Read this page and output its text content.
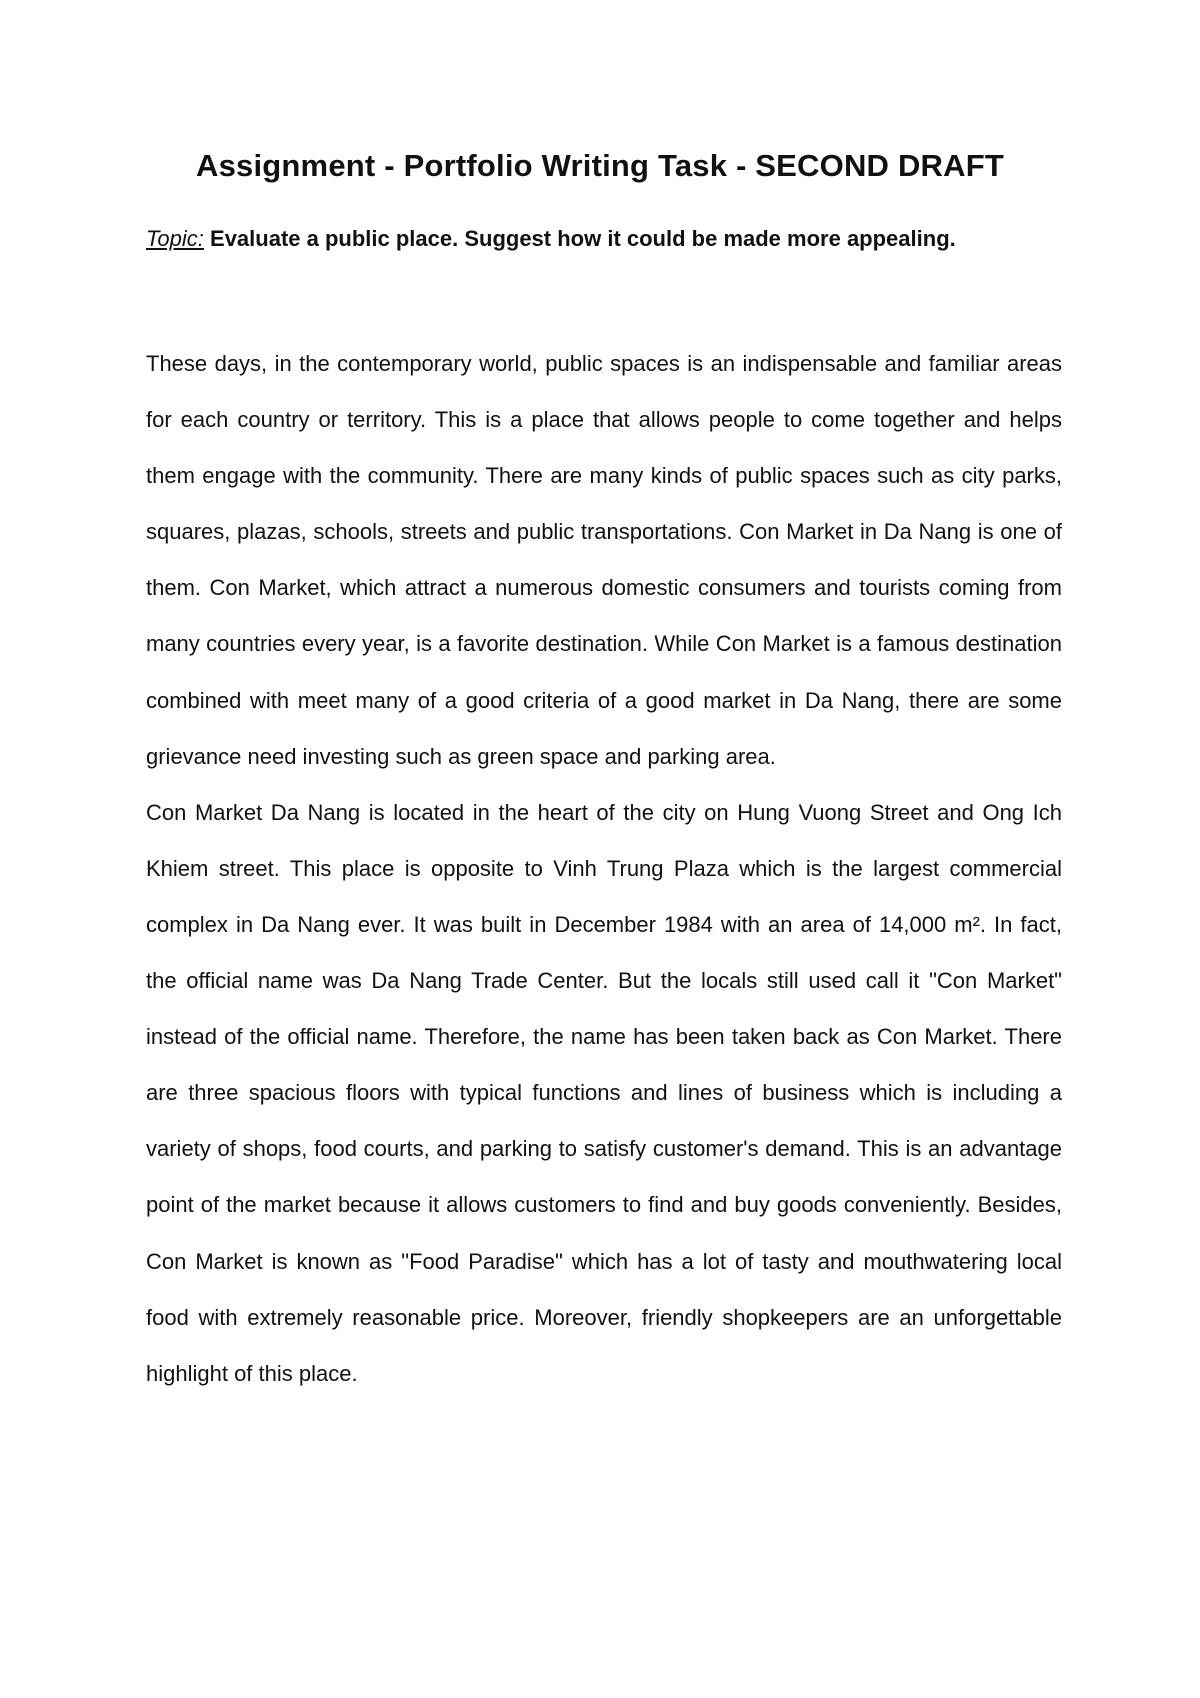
Assignment - Portfolio Writing Task - SECOND DRAFT

Topic: Evaluate a public place. Suggest how it could be made more appealing.

These days, in the contemporary world, public spaces is an indispensable and familiar areas for each country or territory. This is a place that allows people to come together and helps them engage with the community. There are many kinds of public spaces such as city parks, squares, plazas, schools, streets and public transportations. Con Market in Da Nang is one of them. Con Market, which attract a numerous domestic consumers and tourists coming from many countries every year, is a favorite destination. While Con Market is a famous destination combined with meet many of a good criteria of a good market in Da Nang, there are some grievance need investing such as green space and parking area.

Con Market Da Nang is located in the heart of the city on Hung Vuong Street and Ong Ich Khiem street. This place is opposite to Vinh Trung Plaza which is the largest commercial complex in Da Nang ever. It was built in December 1984 with an area of 14,000 m². In fact, the official name was Da Nang Trade Center. But the locals still used call it "Con Market" instead of the official name. Therefore, the name has been taken back as Con Market. There are three spacious floors with typical functions and lines of business which is including a variety of shops, food courts, and parking to satisfy customer's demand. This is an advantage point of the market because it allows customers to find and buy goods conveniently. Besides, Con Market is known as "Food Paradise" which has a lot of tasty and mouthwatering local food with extremely reasonable price. Moreover, friendly shopkeepers are an unforgettable highlight of this place.
